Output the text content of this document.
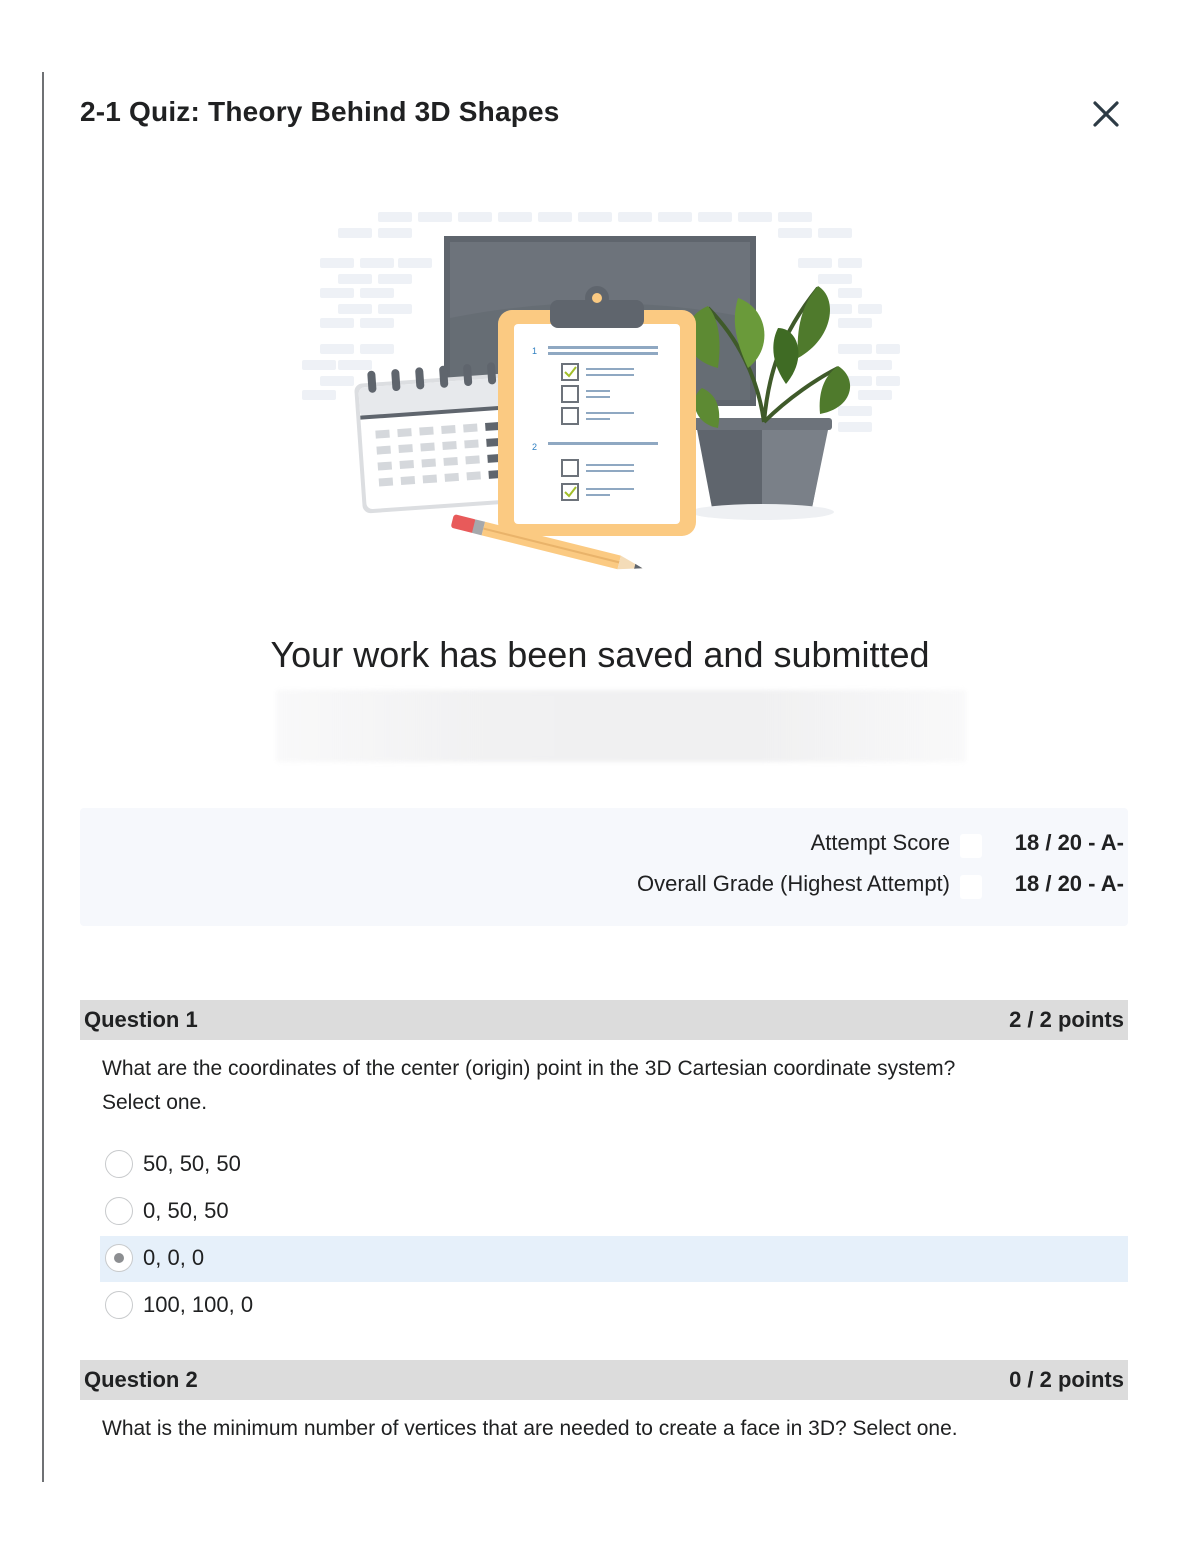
2-1 Quiz: Theory Behind 3D Shapes
1
2
Your work has been saved and submitted
Attempt Score	18 / 20 - A-
Overall Grade (Highest Attempt)	18 / 20 - A-
Question 1	2 / 2 points
What are the coordinates of the center (origin) point in the 3D Cartesian coordinate system?
Select one.
50, 50, 50
0, 50, 50
0, 0, 0
100, 100, 0
Question 2	0 / 2 points
What is the minimum number of vertices that are needed to create a face in 3D? Select one.
